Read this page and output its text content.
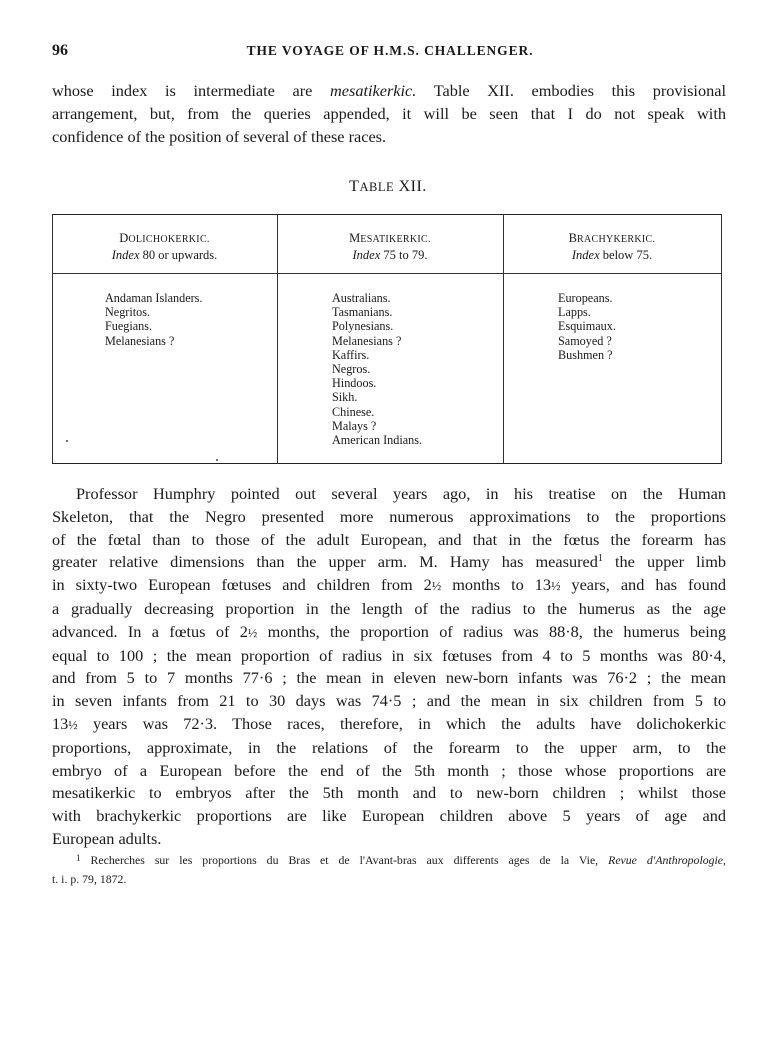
96	THE VOYAGE OF H.M.S. CHALLENGER.
whose index is intermediate are mesatikerkic. Table XII. embodies this provisional
arrangement, but, from the queries appended, it will be seen that I do not speak with
confidence of the position of several of these races.
TABLE XII.
DOLICHOKERKIC.
Index 80 or upwards.
Andaman Islanders.
Negritos.
Fuegians.
Melanesians ?
MESATIKERKIC.
Index 75 to 79.
Australians.
Tasmanians.
Polynesians.
Melanesians ?
Kaffirs.
Negros.
Hindoos.
Sikh.
Chinese.
Malays ?
American Indians.
BRACHYKERKIC.
Index below 75.
Europeans.
Lapps.
Esquimaux.
Samoyed ?
Bushmen ?
Professor Humphry pointed out several years ago, in his treatise on the Human
Skeleton, that the Negro presented more numerous approximations to the proportions
of the fœtal than to those of the adult European, and that in the fœtus the forearm has
greater relative dimensions than the upper arm. M. Hamy has measured$^1$ the upper limb
in sixty-two European fœtuses and children from 2½ months to 13½ years, and has found
a gradually decreasing proportion in the length of the radius to the humerus as the age
advanced. In a fœtus of 2½ months, the proportion of radius was 88·8, the humerus being
equal to 100 ; the mean proportion of radius in six fœtuses from 4 to 5 months was 80·4,
and from 5 to 7 months 77·6 ; the mean in eleven new-born infants was 76·2 ; the mean
in seven infants from 21 to 30 days was 74·5 ; and the mean in six children from 5 to
13½ years was 72·3. Those races, therefore, in which the adults have dolichokerkic
proportions, approximate, in the relations of the forearm to the upper arm, to the
embryo of a European before the end of the 5th month ; those whose proportions are
mesatikerkic to embryos after the 5th month and to new-born children ; whilst those
with brachykerkic proportions are like European children above 5 years of age and
European adults.
$^1$ Recherches sur les proportions du Bras et de l'Avant-bras aux differents ages de la Vie, Revue d'Anthropologie,
t. i. p. 79, 1872.
